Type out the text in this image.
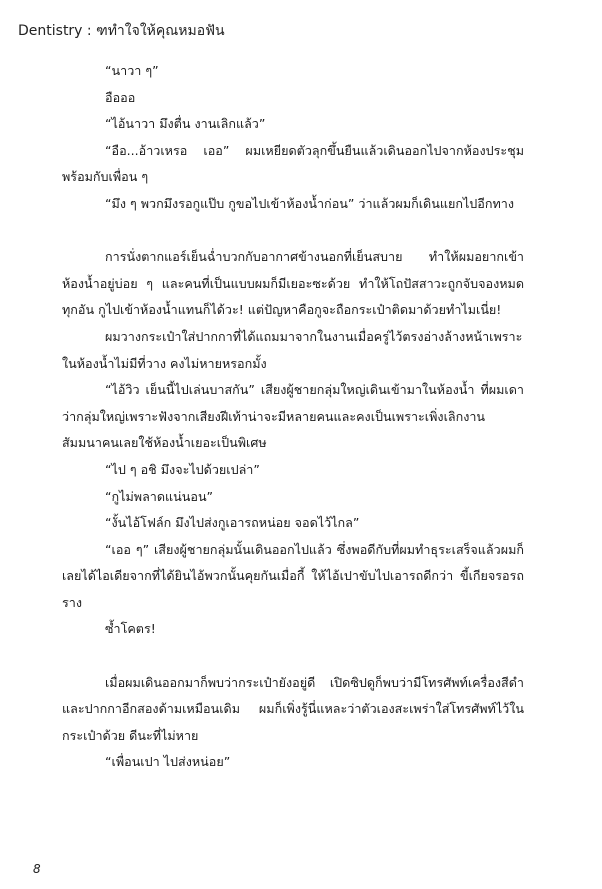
Dentistry : ฑทำใจให้คุณหมอฟัน

“นาวา ๆ”

อือออ

“ไอ้นาวา มึงตื่น งานเลิกแล้ว”

“อือ...อ้าวเหรอ เออ” ผมเหยียดตัวลุกขึ้นยืนแล้วเดินออกไปจากห้องประชุมพร้อมกับเพื่อน ๆ

“มึง ๆ พวกมึงรอกูแป๊บ กูขอไปเข้าห้องน้ำก่อน” ว่าแล้วผมก็เดินแยกไปอีกทาง

การนั่งตากแอร์เย็นฉ่ำบวกกับอากาศข้างนอกที่เย็นสบาย ทำให้ผมอยากเข้าห้องน้ำอยู่บ่อย ๆ และคนที่เป็นแบบผมก็มีเยอะซะด้วย ทำให้โถปัสสาวะถูกจับจองหมดทุกอัน กูไปเข้าห้องน้ำแทนก็ได้วะ! แต่ปัญหาคือกูจะถือกระเป๋าติดมาด้วยทำไมเนี่ย!

ผมวางกระเป๋าใส่ปากกาที่ได้แถมมาจากในงานเมื่อครู่ไว้ตรงอ่างล้างหน้าเพราะในห้องน้ำไม่มีที่วาง คงไม่หายหรอกมั้ง

“ไอ้วิว เย็นนี้ไปเล่นบาสกัน” เสียงผู้ชายกลุ่มใหญ่เดินเข้ามาในห้องน้ำ ที่ผมเดาว่ากลุ่มใหญ่เพราะฟังจากเสียงฝีเท้าน่าจะมีหลายคนและคงเป็นเพราะเพิ่งเลิกงานสัมมนาคนเลยใช้ห้องน้ำเยอะเป็นพิเศษ

“ไป ๆ อชิ มึงจะไปด้วยเปล่า”

“กูไม่พลาดแน่นอน”

“งั้นไอ้โฟล์ก มึงไปส่งกูเอารถหน่อย จอดไว้ไกล”

“เออ ๆ” เสียงผู้ชายกลุ่มนั้นเดินออกไปแล้ว ซึ่งพอดีกับที่ผมทำธุระเสร็จแล้วผมก็เลยได้ไอเดียจากที่ได้ยินไอ้พวกนั้นคุยกันเมื่อกี้ ให้ไอ้เปาขับไปเอารถดีกว่า ขี้เกียจรอรถราง

ซ้ำโคตร!

เมื่อผมเดินออกมาก็พบว่ากระเป๋ายังอยู่ดี เปิดซิปดูก็พบว่ามีโทรศัพท์เครื่องสีดำและปากกาอีกสองด้ามเหมือนเดิม ผมก็เพิ่งรู้นี่แหละว่าตัวเองสะเพร่าใส่โทรศัพท์ไว้ในกระเป๋าด้วย ดีนะที่ไม่หาย

“เพื่อนเปา ไปส่งหน่อย”

8
